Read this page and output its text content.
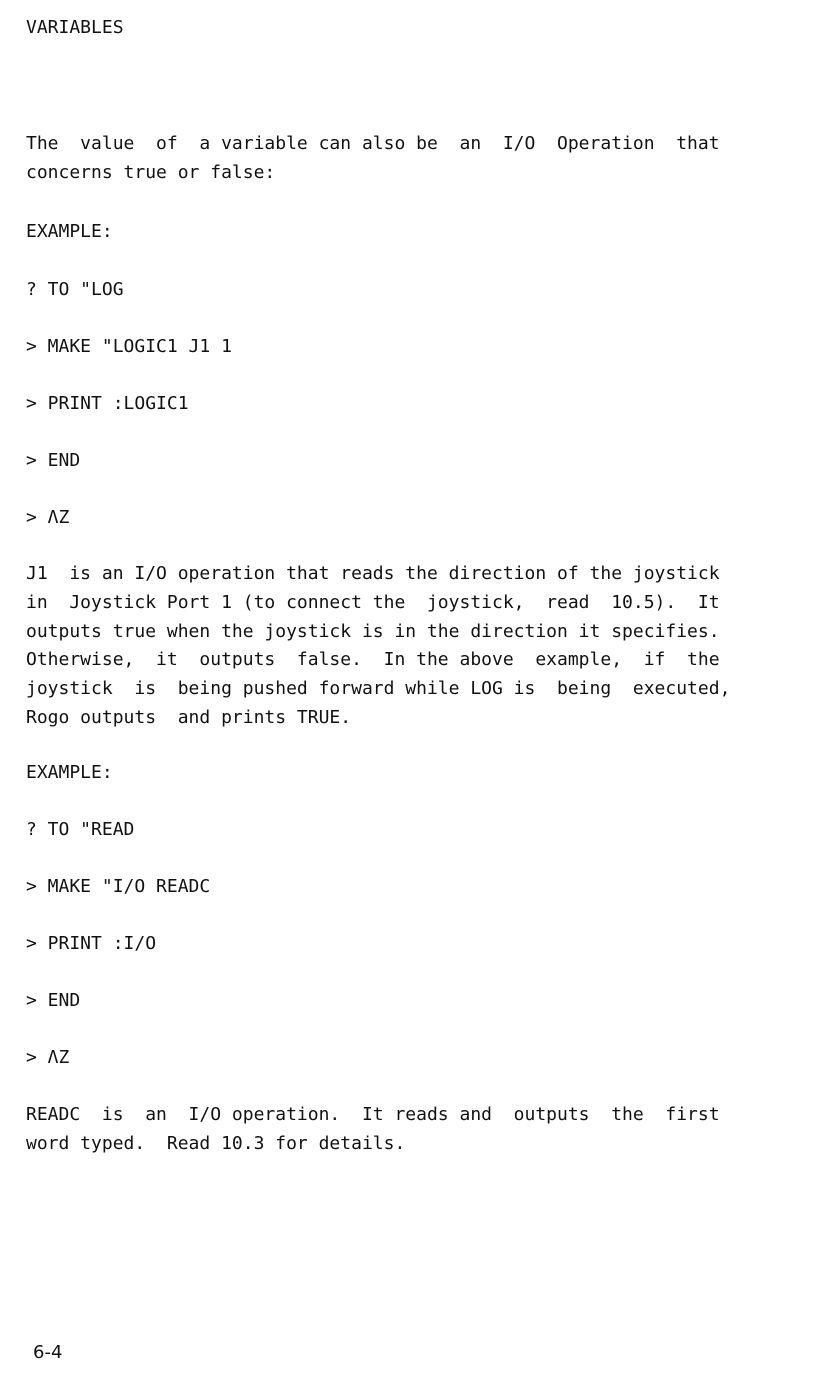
VARIABLES
The  value  of  a variable can also be  an  I/O  Operation  that
concerns true or false:
EXAMPLE:
? TO "LOG
> MAKE "LOGIC1 J1 1
> PRINT :LOGIC1
> END
> ΛZ
J1  is an I/O operation that reads the direction of the joystick
in  Joystick Port 1 (to connect the  joystick,  read  10.5).  It
outputs true when the joystick is in the direction it specifies.
Otherwise,  it  outputs  false.  In the above  example,  if  the
joystick  is  being pushed forward while LOG is  being  executed,
Rogo outputs  and prints TRUE.
EXAMPLE:
? TO "READ
> MAKE "I/O READC
> PRINT :I/O
> END
> ΛZ
READC  is  an  I/O operation.  It reads and  outputs  the  first
word typed.  Read 10.3 for details.
6-4
